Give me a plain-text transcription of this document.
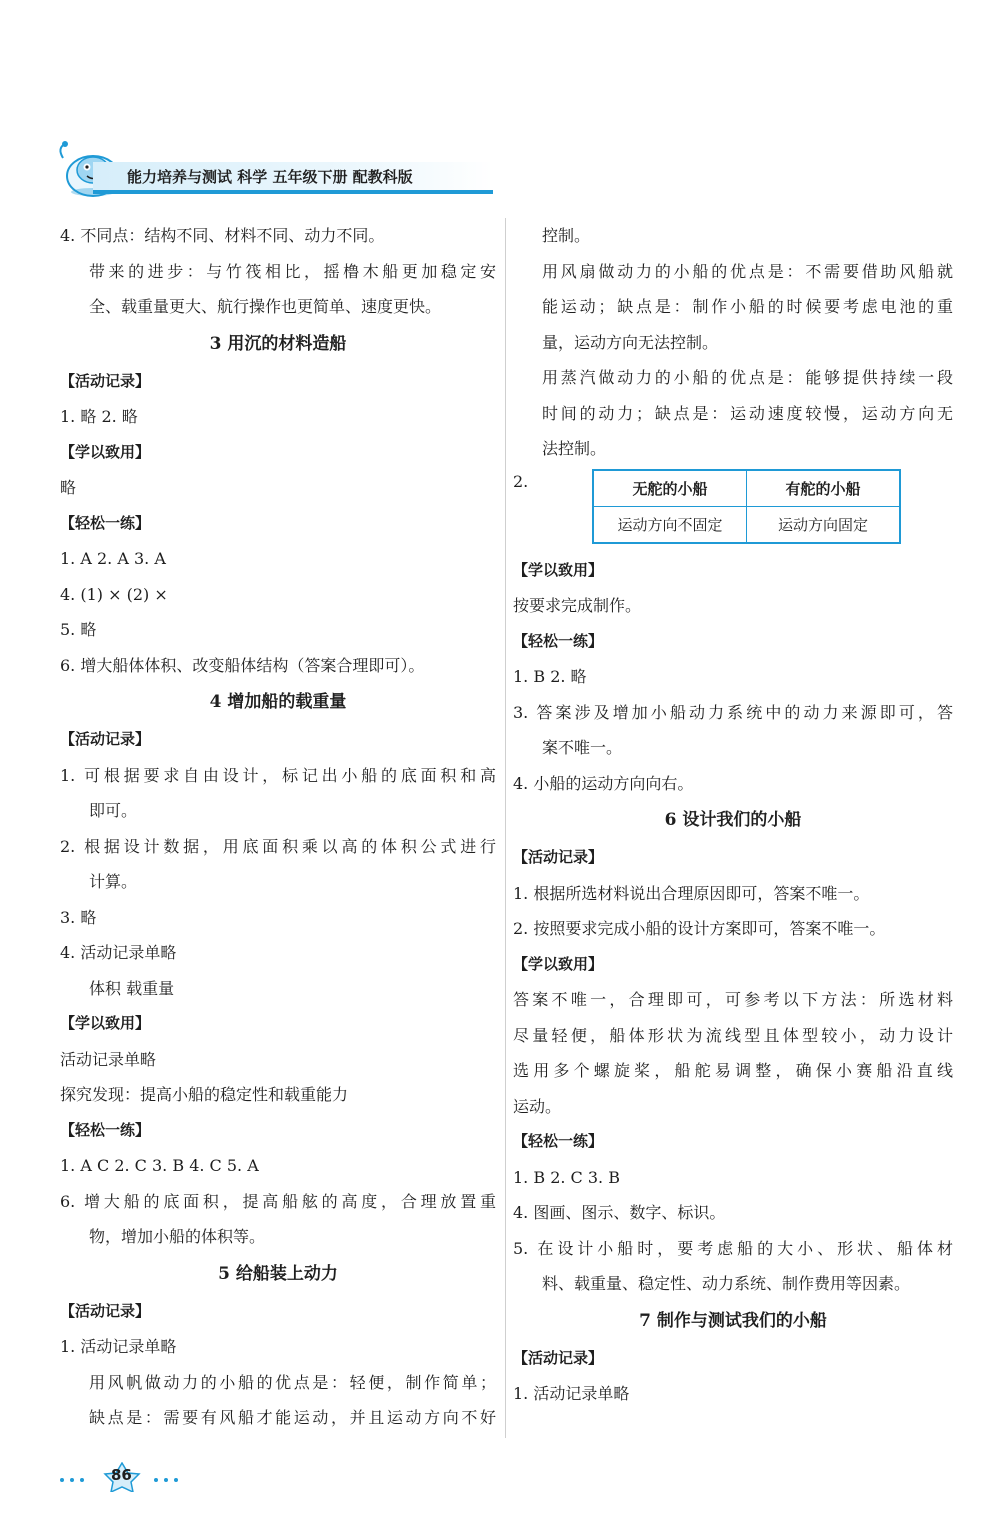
能力培养与测试 科学 五年级下册 配教科版
4. 不同点：结构不同、材料不同、动力不同。
带来的进步：与竹筏相比，摇橹木船更加稳定安
全、载重量更大、航行操作也更简单、速度更快。
3 用沉的材料造船
【活动记录】
1. 略 2. 略
【学以致用】
略
【轻松一练】
1. A 2. A 3. A
4. (1) × (2) ×
5. 略
6. 增大船体体积、改变船体结构（答案合理即可）。
4 增加船的载重量
【活动记录】
1. 可根据要求自由设计，标记出小船的底面积和高
即可。
2. 根据设计数据，用底面积乘以高的体积公式进行
计算。
3. 略
4. 活动记录单略
体积 载重量
【学以致用】
活动记录单略
探究发现：提高小船的稳定性和载重能力
【轻松一练】
1. A C 2. C 3. B 4. C 5. A
6. 增大船的底面积，提高船舷的高度，合理放置重
物，增加小船的体积等。
5 给船装上动力
【活动记录】
1. 活动记录单略
用风帆做动力的小船的优点是：轻便，制作简单；
缺点是：需要有风船才能运动，并且运动方向不好
控制。
用风扇做动力的小船的优点是：不需要借助风船就
能运动；缺点是：制作小船的时候要考虑电池的重
量，运动方向无法控制。
用蒸汽做动力的小船的优点是：能够提供持续一段
时间的动力；缺点是：运动速度较慢，运动方向无
法控制。
2.	无舵的小船	有舵的小船
运动方向不固定	运动方向固定
【学以致用】
按要求完成制作。
【轻松一练】
1. B 2. 略
3. 答案涉及增加小船动力系统中的动力来源即可，答
案不唯一。
4. 小船的运动方向向右。
6 设计我们的小船
【活动记录】
1. 根据所选材料说出合理原因即可，答案不唯一。
2. 按照要求完成小船的设计方案即可，答案不唯一。
【学以致用】
答案不唯一，合理即可，可参考以下方法：所选材料
尽量轻便，船体形状为流线型且体型较小，动力设计
选用多个螺旋桨，船舵易调整，确保小赛船沿直线
运动。
【轻松一练】
1. B 2. C 3. B
4. 图画、图示、数字、标识。
5. 在设计小船时，要考虑船的大小、形状、船体材
料、载重量、稳定性、动力系统、制作费用等因素。
7 制作与测试我们的小船
【活动记录】
1. 活动记录单略
86
